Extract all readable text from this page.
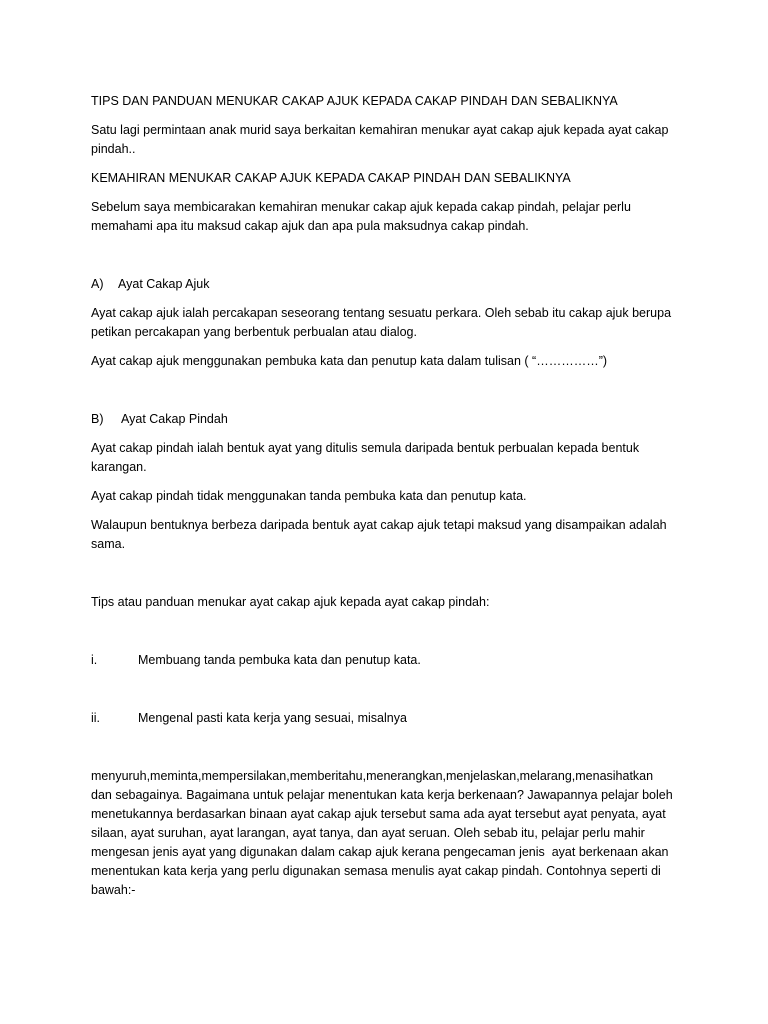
TIPS DAN PANDUAN MENUKAR CAKAP AJUK KEPADA CAKAP PINDAH DAN SEBALIKNYA
Satu lagi permintaan anak murid saya berkaitan kemahiran menukar ayat cakap ajuk kepada ayat cakap
pindah..
KEMAHIRAN MENUKAR CAKAP AJUK KEPADA CAKAP PINDAH DAN SEBALIKNYA
Sebelum saya membicarakan kemahiran menukar cakap ajuk kepada cakap pindah, pelajar perlu
memahami apa itu maksud cakap ajuk dan apa pula maksudnya cakap pindah.
A) Ayat Cakap Ajuk
Ayat cakap ajuk ialah percakapan seseorang tentang sesuatu perkara. Oleh sebab itu cakap ajuk berupa
petikan percakapan yang berbentuk perbualan atau dialog.
Ayat cakap ajuk menggunakan pembuka kata dan penutup kata dalam tulisan ( “……………”)
B) Ayat Cakap Pindah
Ayat cakap pindah ialah bentuk ayat yang ditulis semula daripada bentuk perbualan kepada bentuk
karangan.
Ayat cakap pindah tidak menggunakan tanda pembuka kata dan penutup kata.
Walaupun bentuknya berbeza daripada bentuk ayat cakap ajuk tetapi maksud yang disampaikan adalah
sama.
Tips atau panduan menukar ayat cakap ajuk kepada ayat cakap pindah:
i.	Membuang tanda pembuka kata dan penutup kata.
ii.	Mengenal pasti kata kerja yang sesuai, misalnya
menyuruh,meminta,mempersilakan,memberitahu,menerangkan,menjelaskan,melarang,menasihatkan
dan sebagainya. Bagaimana untuk pelajar menentukan kata kerja berkenaan? Jawapannya pelajar boleh
menetukannya berdasarkan binaan ayat cakap ajuk tersebut sama ada ayat tersebut ayat penyata, ayat
silaan, ayat suruhan, ayat larangan, ayat tanya, dan ayat seruan. Oleh sebab itu, pelajar perlu mahir
mengesan jenis ayat yang digunakan dalam cakap ajuk kerana pengecaman jenis  ayat berkenaan akan
menentukan kata kerja yang perlu digunakan semasa menulis ayat cakap pindah. Contohnya seperti di
bawah:-
